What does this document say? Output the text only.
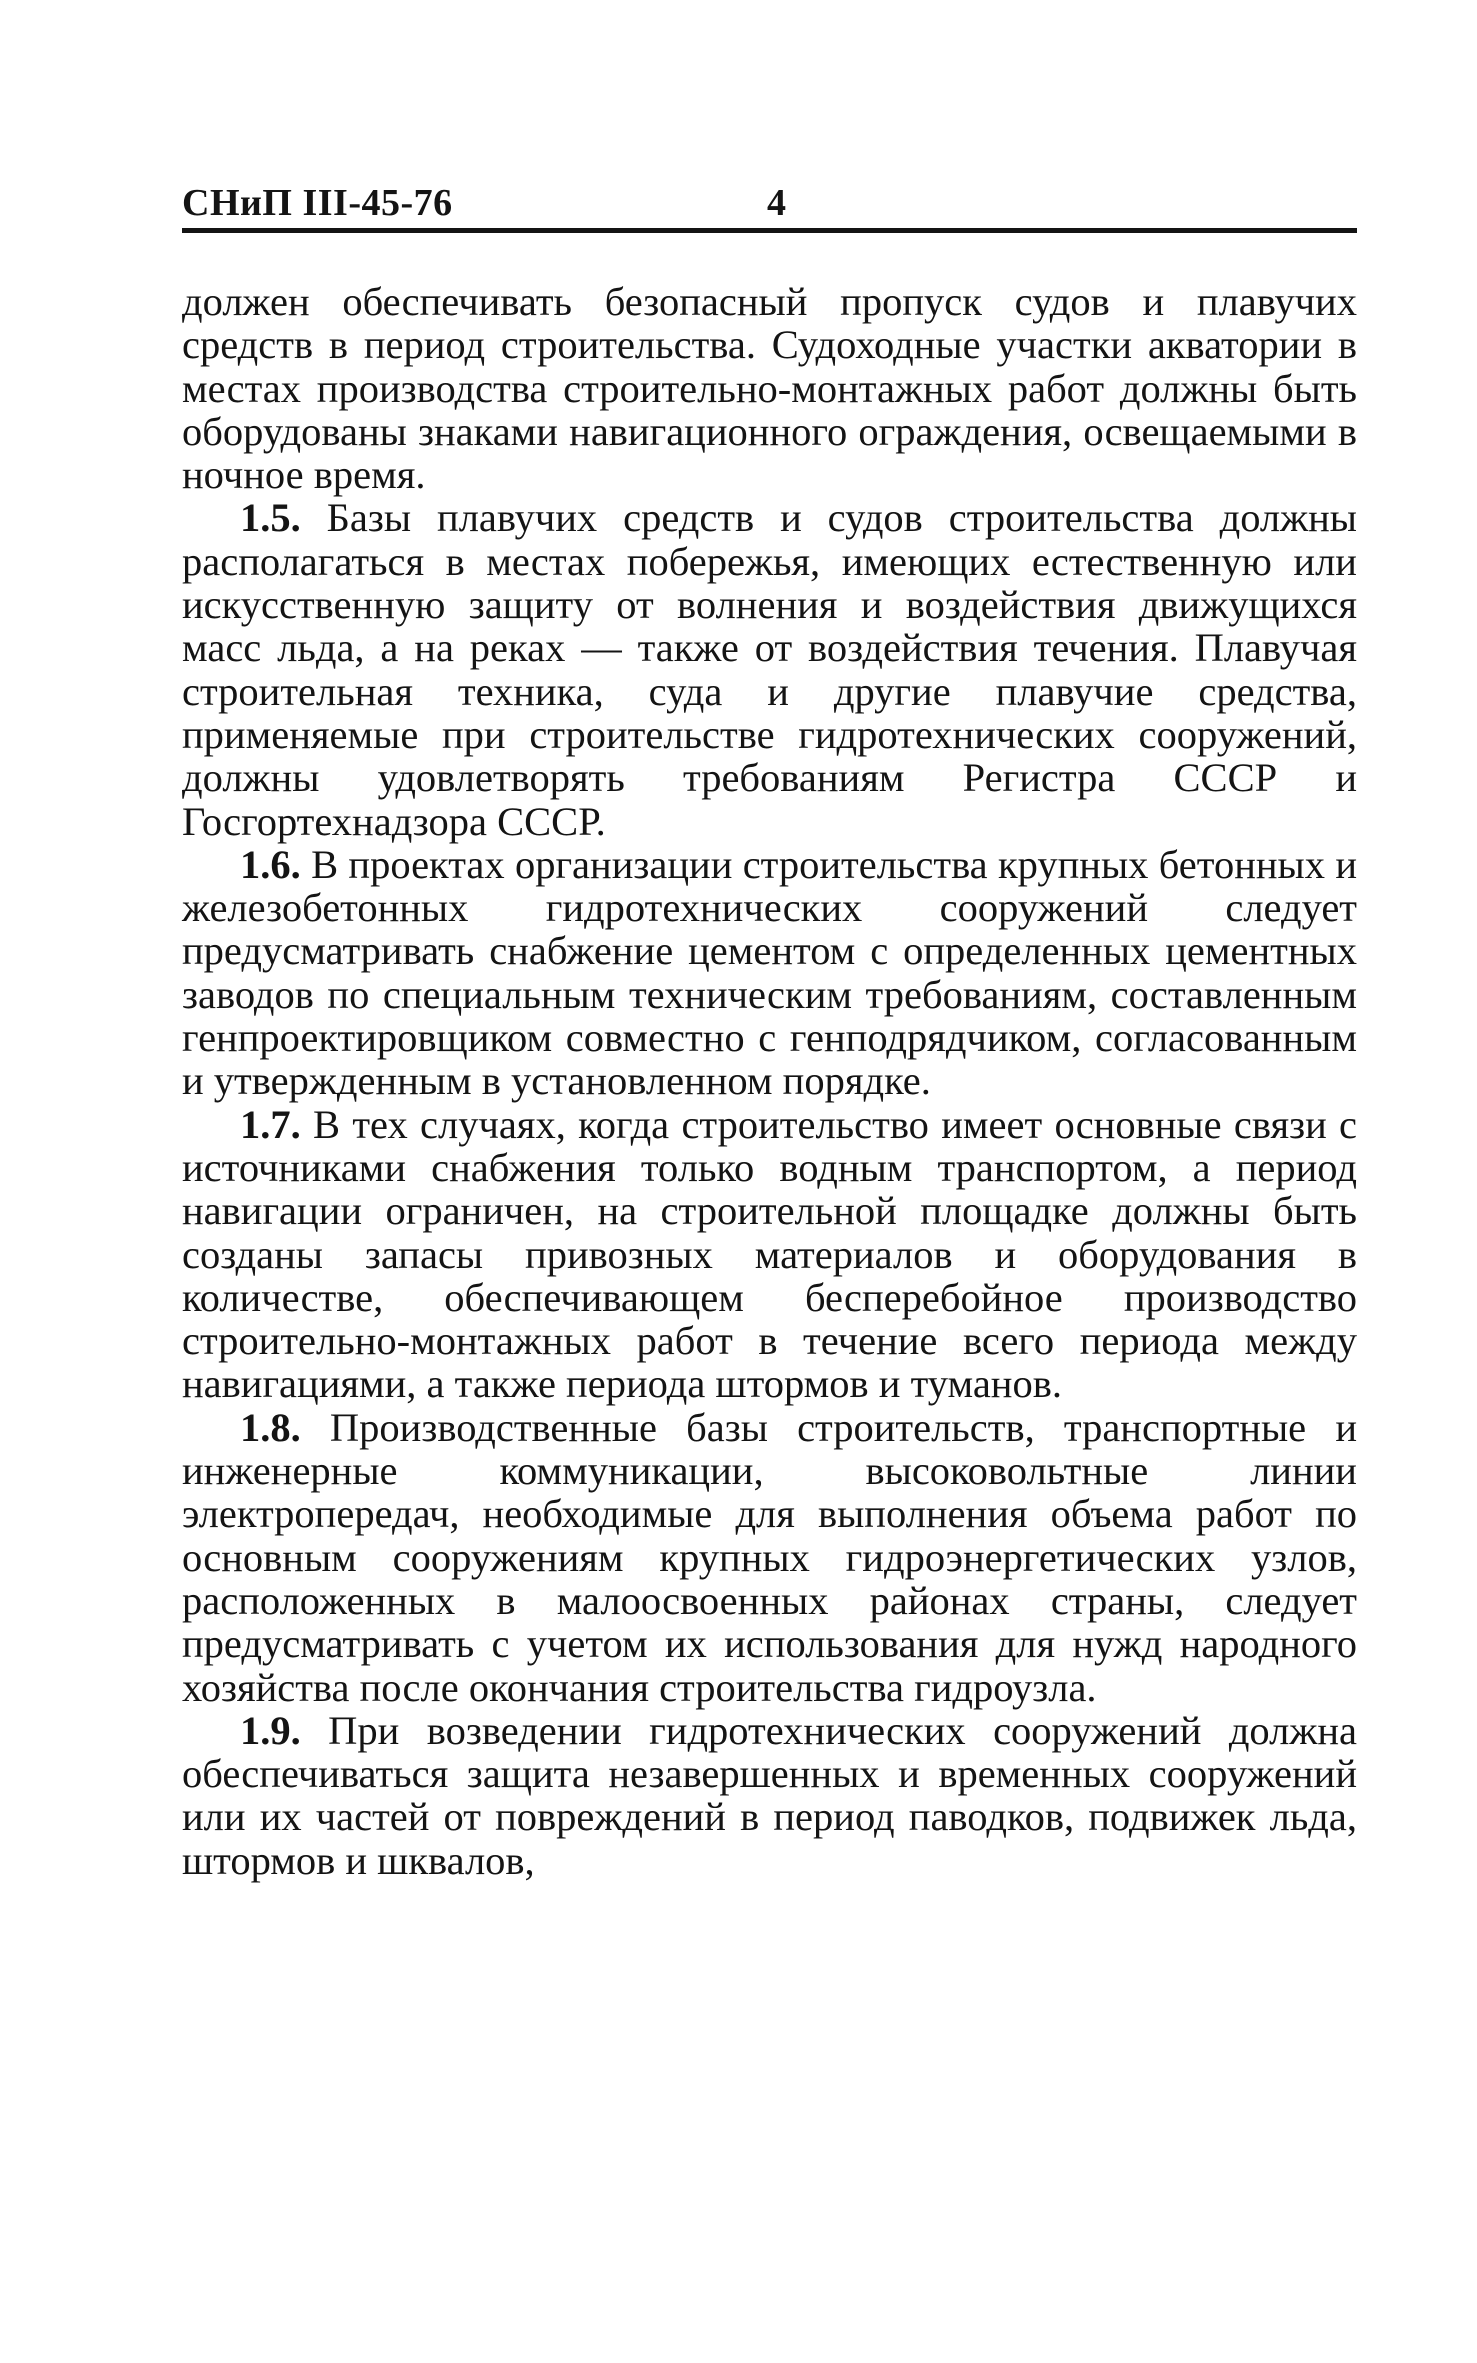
СНиП III-45-76	4

должен обеспечивать безопасный пропуск судов и плавучих средств в период строительства. Судоходные участки акватории в местах производства строительно-монтажных работ должны быть оборудованы знаками навигационного ограждения, освещаемыми в ночное время.

1.5. Базы плавучих средств и судов строительства должны располагаться в местах побережья, имеющих естественную или искусственную защиту от волнения и воздействия движущихся масс льда, а на реках — также от воздействия течения. Плавучая строительная техника, суда и другие плавучие средства, применяемые при строительстве гидротехнических сооружений, должны удовлетворять требованиям Регистра СССР и Госгортехнадзора СССР.

1.6. В проектах организации строительства крупных бетонных и железобетонных гидротехнических сооружений следует предусматривать снабжение цементом с определенных цементных заводов по специальным техническим требованиям, составленным генпроектировщиком совместно с генподрядчиком, согласованным и утвержденным в установленном порядке.

1.7. В тех случаях, когда строительство имеет основные связи с источниками снабжения только водным транспортом, а период навигации ограничен, на строительной площадке должны быть созданы запасы привозных материалов и оборудования в количестве, обеспечивающем бесперебойное производство строительно-монтажных работ в течение всего периода между навигациями, а также периода штормов и туманов.

1.8. Производственные базы строительств, транспортные и инженерные коммуникации, высоковольтные линии электропередач, необходимые для выполнения объема работ по основным сооружениям крупных гидроэнергетических узлов, расположенных в малоосвоенных районах страны, следует предусматривать с учетом их использования для нужд народного хозяйства после окончания строительства гидроузла.

1.9. При возведении гидротехнических сооружений должна обеспечиваться защита незавершенных и временных сооружений или их частей от повреждений в период паводков, подвижек льда, штормов и шквалов,
